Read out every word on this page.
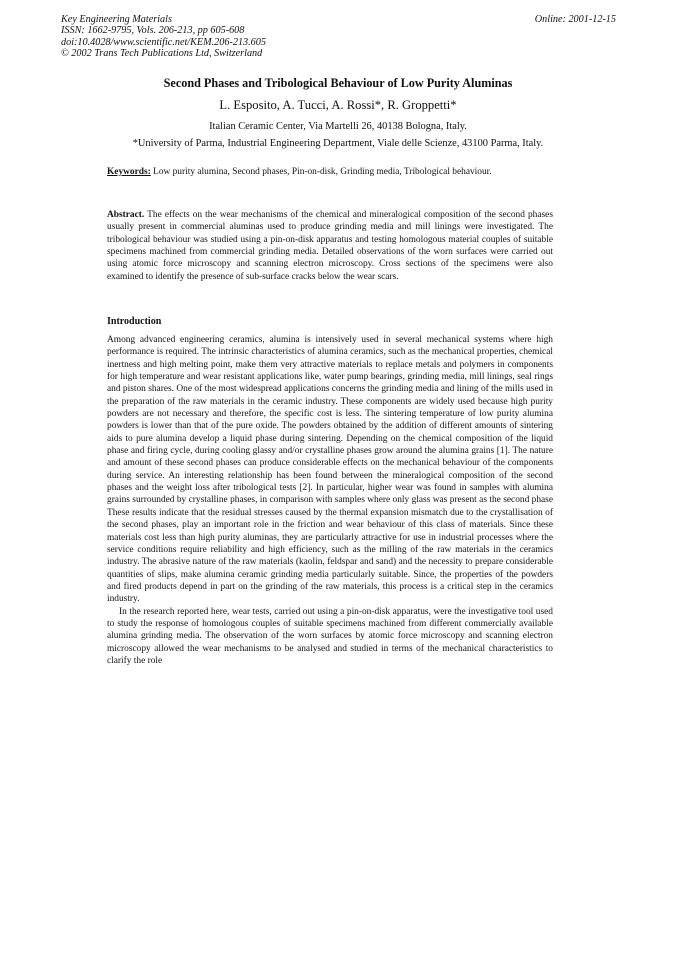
Key Engineering Materials
ISSN: 1662-9795, Vols. 206-213, pp 605-608
doi:10.4028/www.scientific.net/KEM.206-213.605
© 2002 Trans Tech Publications Ltd, Switzerland
Online: 2001-12-15
Second Phases and Tribological Behaviour of Low Purity Aluminas
L. Esposito, A. Tucci, A. Rossi*, R. Groppetti*
Italian Ceramic Center, Via Martelli 26, 40138 Bologna, Italy.
*University of Parma, Industrial Engineering Department, Viale delle Scienze, 43100 Parma, Italy.
Keywords: Low purity alumina, Second phases, Pin-on-disk, Grinding media, Tribological behaviour.
Abstract. The effects on the wear mechanisms of the chemical and mineralogical composition of the second phases usually present in commercial aluminas used to produce grinding media and mill linings were investigated. The tribological behaviour was studied using a pin-on-disk apparatus and testing homologous material couples of suitable specimens machined from commercial grinding media. Detailed observations of the worn surfaces were carried out using atomic force microscopy and scanning electron microscopy. Cross sections of the specimens were also examined to identify the presence of sub-surface cracks below the wear scars.
Introduction

Among advanced engineering ceramics, alumina is intensively used in several mechanical systems where high performance is required. The intrinsic characteristics of alumina ceramics, such as the mechanical properties, chemical inertness and high melting point, make them very attractive materials to replace metals and polymers in components for high temperature and wear resistant applications like, water pump bearings, grinding media, mill linings, seal rings and piston shares. One of the most widespread applications concerns the grinding media and lining of the mills used in the preparation of the raw materials in the ceramic industry. These components are widely used because high purity powders are not necessary and therefore, the specific cost is less. The sintering temperature of low purity alumina powders is lower than that of the pure oxide. The powders obtained by the addition of different amounts of sintering aids to pure alumina develop a liquid phase during sintering. Depending on the chemical composition of the liquid phase and firing cycle, during cooling glassy and/or crystalline phases grow around the alumina grains [1]. The nature and amount of these second phases can produce considerable effects on the mechanical behaviour of the components during service. An interesting relationship has been found between the mineralogical composition of the second phases and the weight loss after tribological tests [2]. In particular, higher wear was found in samples with alumina grains surrounded by crystalline phases, in comparison with samples where only glass was present as the second phase These results indicate that the residual stresses caused by the thermal expansion mismatch due to the crystallisation of the second phases, play an important role in the friction and wear behaviour of this class of materials. Since these materials cost less than high purity aluminas, they are particularly attractive for use in industrial processes where the service conditions require reliability and high efficiency, such as the milling of the raw materials in the ceramics industry. The abrasive nature of the raw materials (kaolin, feldspar and sand) and the necessity to prepare considerable quantities of slips, make alumina ceramic grinding media particularly suitable. Since, the properties of the powders and fired products depend in part on the grinding of the raw materials, this process is a critical step in the ceramics industry.

In the research reported here, wear tests, carried out using a pin-on-disk apparatus, were the investigative tool used to study the response of homologous couples of suitable specimens machined from different commercially available alumina grinding media. The observation of the worn surfaces by atomic force microscopy and scanning electron microscopy allowed the wear mechanisms to be analysed and studied in terms of the mechanical characteristics to clarify the role
